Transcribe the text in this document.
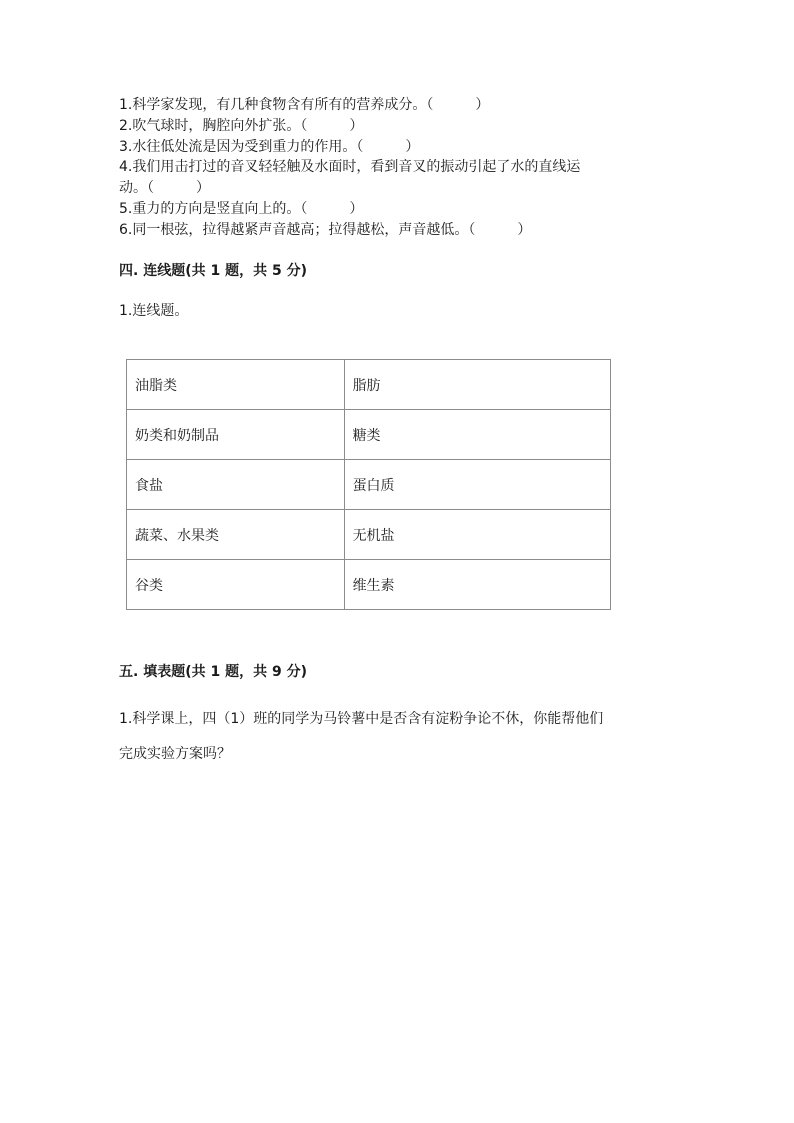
1.科学家发现，有几种食物含有所有的营养成分。（　　　）
2.吹气球时，胸腔向外扩张。（　　　）
3.水往低处流是因为受到重力的作用。（　　　）
4.我们用击打过的音叉轻轻触及水面时，看到音叉的振动引起了水的直线运
动。（　　　）
5.重力的方向是竖直向上的。（　　　）
6.同一根弦，拉得越紧声音越高；拉得越松，声音越低。（　　　）
四. 连线题(共 1 题，共 5 分)
1.连线题。
油脂类	脂肪
奶类和奶制品	糖类
食盐	蛋白质
蔬菜、水果类	无机盐
谷类	维生素
五. 填表题(共 1 题，共 9 分)
1.科学课上，四（1）班的同学为马铃薯中是否含有淀粉争论不休，你能帮他们
完成实验方案吗？
